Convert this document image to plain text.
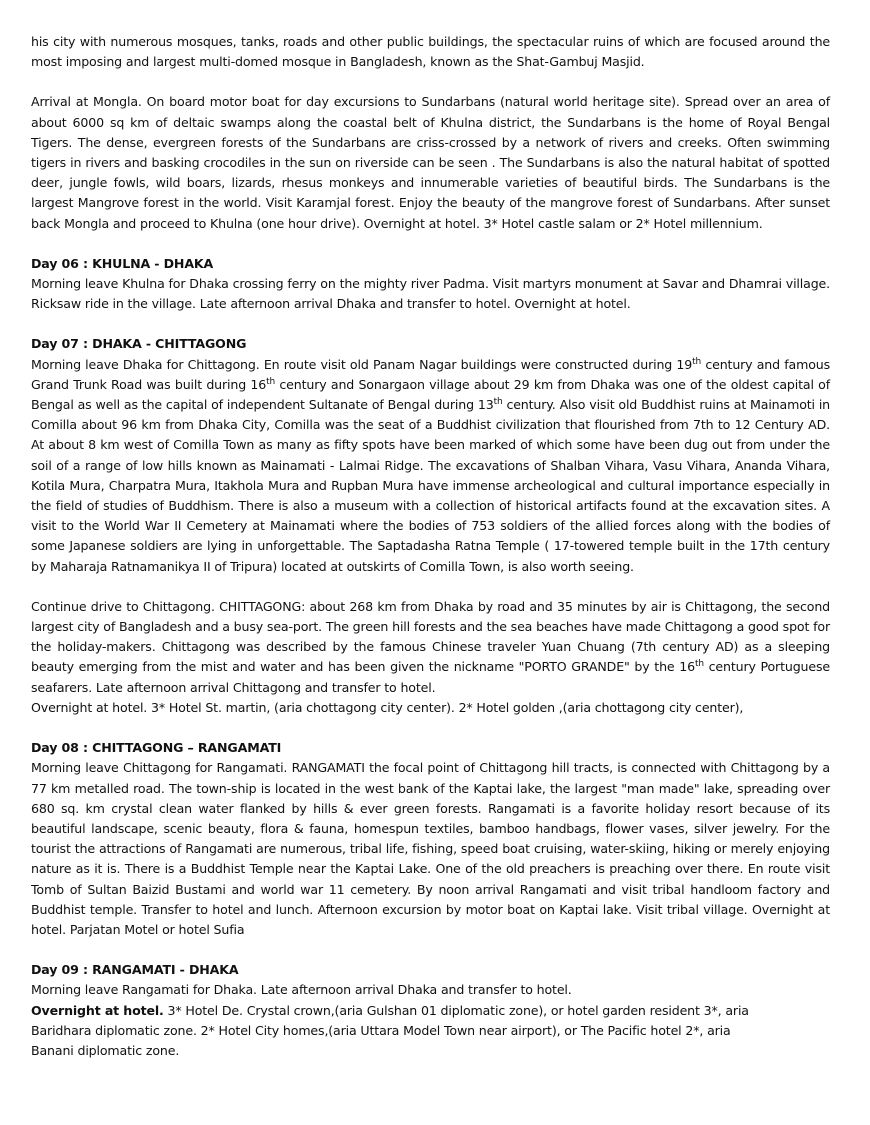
his city with numerous mosques, tanks, roads and other public buildings, the spectacular ruins of which are focused around the most imposing and largest multi-domed mosque in Bangladesh, known as the Shat-Gambuj Masjid.

Arrival at Mongla. On board motor boat for day excursions to Sundarbans (natural world heritage site). Spread over an area of about 6000 sq km of deltaic swamps along the coastal belt of Khulna district, the Sundarbans is the home of Royal Bengal Tigers. The dense, evergreen forests of the Sundarbans are criss-crossed by a network of rivers and creeks. Often swimming tigers in rivers and basking crocodiles in the sun on riverside can be seen . The Sundarbans is also the natural habitat of spotted deer, jungle fowls, wild boars, lizards, rhesus monkeys and innumerable varieties of beautiful birds. The Sundarbans is the largest Mangrove forest in the world. Visit Karamjal forest. Enjoy the beauty of the mangrove forest of Sundarbans. After sunset back Mongla and proceed to Khulna (one hour drive). Overnight at hotel. 3* Hotel castle salam or 2* Hotel millennium.

Day 06 : KHULNA - DHAKA

Morning leave Khulna for Dhaka crossing ferry on the mighty river Padma. Visit martyrs monument at Savar and Dhamrai village. Ricksaw ride in the village. Late afternoon arrival Dhaka and transfer to hotel. Overnight at hotel.

Day 07 : DHAKA - CHITTAGONG

Morning leave Dhaka for Chittagong. En route visit old Panam Nagar buildings were constructed during 19th century and famous Grand Trunk Road was built during 16th century and Sonargaon village about 29 km from Dhaka was one of the oldest capital of Bengal as well as the capital of independent Sultanate of Bengal during 13th century. Also visit old Buddhist ruins at Mainamoti in Comilla about 96 km from Dhaka City, Comilla was the seat of a Buddhist civilization that flourished from 7th to 12 Century AD. At about 8 km west of Comilla Town as many as fifty spots have been marked of which some have been dug out from under the soil of a range of low hills known as Mainamati - Lalmai Ridge. The excavations of Shalban Vihara, Vasu Vihara, Ananda Vihara, Kotila Mura, Charpatra Mura, Itakhola Mura and Rupban Mura have immense archeological and cultural importance especially in the field of studies of Buddhism. There is also a museum with a collection of historical artifacts found at the excavation sites. A visit to the World War II Cemetery at Mainamati where the bodies of 753 soldiers of the allied forces along with the bodies of some Japanese soldiers are lying in unforgettable. The Saptadasha Ratna Temple ( 17-towered temple built in the 17th century by Maharaja Ratnamanikya II of Tripura) located at outskirts of Comilla Town, is also worth seeing.

Continue drive to Chittagong. CHITTAGONG: about 268 km from Dhaka by road and 35 minutes by air is Chittagong, the second largest city of Bangladesh and a busy sea-port. The green hill forests and the sea beaches have made Chittagong a good spot for the holiday-makers. Chittagong was described by the famous Chinese traveler Yuan Chuang (7th century AD) as a sleeping beauty emerging from the mist and water and has been given the nickname "PORTO GRANDE" by the 16th century Portuguese seafarers. Late afternoon arrival Chittagong and transfer to hotel.

Overnight at hotel. 3* Hotel St. martin, (aria chottagong city center). 2* Hotel golden ,(aria chottagong city center),

Day 08 : CHITTAGONG – RANGAMATI

Morning leave Chittagong for Rangamati. RANGAMATI the focal point of Chittagong hill tracts, is connected with Chittagong by a 77 km metalled road. The town-ship is located in the west bank of the Kaptai lake, the largest "man made" lake, spreading over 680 sq. km crystal clean water flanked by hills & ever green forests. Rangamati is a favorite holiday resort because of its beautiful landscape, scenic beauty, flora & fauna, homespun textiles, bamboo handbags, flower vases, silver jewelry. For the tourist the attractions of Rangamati are numerous, tribal life, fishing, speed boat cruising, water-skiing, hiking or merely enjoying nature as it is. There is a Buddhist Temple near the Kaptai Lake. One of the old preachers is preaching over there. En route visit Tomb of Sultan Baizid Bustami and world war 11 cemetery. By noon arrival Rangamati and visit tribal handloom factory and Buddhist temple. Transfer to hotel and lunch. Afternoon excursion by motor boat on Kaptai lake. Visit tribal village. Overnight at hotel. Parjatan Motel or hotel Sufia

Day 09 : RANGAMATI - DHAKA

Morning leave Rangamati for Dhaka. Late afternoon arrival Dhaka and transfer to hotel.

Overnight at hotel. 3* Hotel De. Crystal crown,(aria Gulshan 01 diplomatic zone), or hotel garden resident 3*, aria
Baridhara diplomatic zone. 2* Hotel City homes,(aria Uttara Model Town near airport), or The Pacific hotel 2*, aria
Banani diplomatic zone.
